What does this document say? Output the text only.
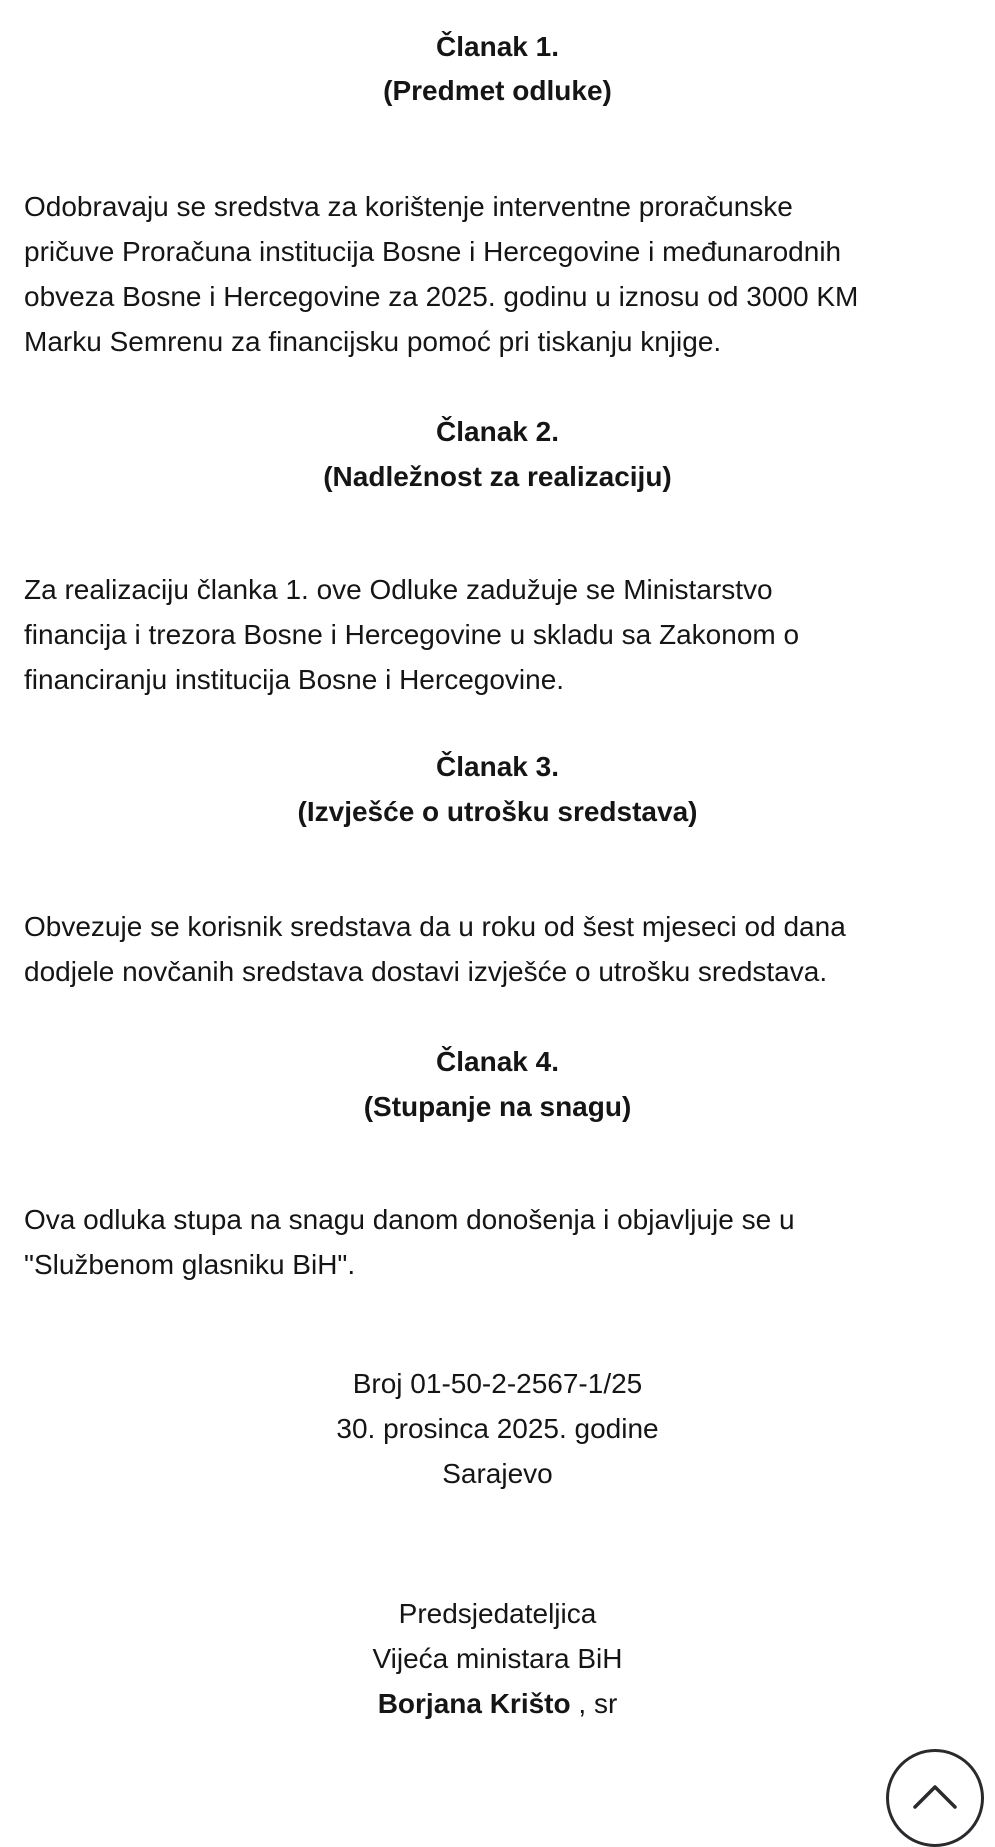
Članak 1.
(Predmet odluke)
Odobravaju se sredstva za korištenje interventne proračunske
pričuve Proračuna institucija Bosne i Hercegovine i međunarodnih
obveza Bosne i Hercegovine za 2025. godinu u iznosu od 3000 KM
Marku Semrenu za financijsku pomoć pri tiskanju knjige.
Članak 2.
(Nadležnost za realizaciju)
Za realizaciju članka 1. ove Odluke zadužuje se Ministarstvo
financija i trezora Bosne i Hercegovine u skladu sa Zakonom o
financiranju institucija Bosne i Hercegovine.
Članak 3.
(Izvješće o utrošku sredstava)
Obvezuje se korisnik sredstava da u roku od šest mjeseci od dana
dodjele novčanih sredstava dostavi izvješće o utrošku sredstava.
Članak 4.
(Stupanje na snagu)
Ova odluka stupa na snagu danom donošenja i objavljuje se u
"Službenom glasniku BiH".
Broj 01-50-2-2567-1/25
30. prosinca 2025. godine
Sarajevo
Predsjedateljica
Vijeća ministara BiH
Borjana Krišto , sr
